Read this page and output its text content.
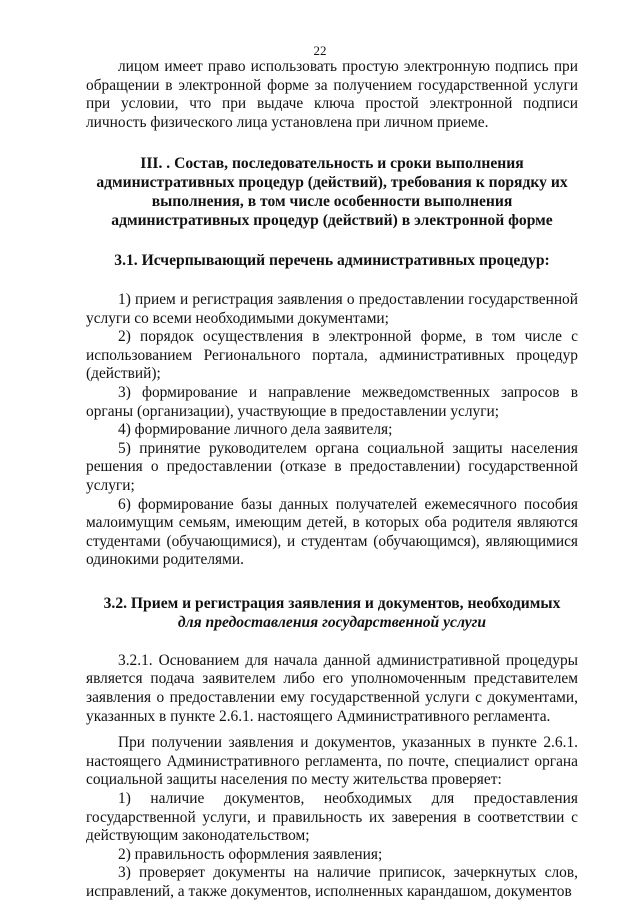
22

лицом имеет право использовать простую электронную подпись при обращении в электронной форме за получением государственной услуги при условии, что при выдаче ключа простой электронной подписи личность физического лица установлена при личном приеме.

III. . Состав, последовательность и сроки выполнения административных процедур (действий), требования к порядку их выполнения, в том числе особенности выполнения административных процедур (действий) в электронной форме

3.1. Исчерпывающий перечень административных процедур:

1) прием и регистрация заявления о предоставлении государственной услуги со всеми необходимыми документами;

2) порядок осуществления в электронной форме, в том числе с использованием Регионального портала, административных процедур (действий);

3) формирование и направление межведомственных запросов в органы (организации), участвующие в предоставлении услуги;

4) формирование личного дела заявителя;

5) принятие руководителем органа социальной защиты населения решения о предоставлении (отказе в предоставлении) государственной услуги;

6) формирование базы данных получателей ежемесячного пособия малоимущим семьям, имеющим детей, в которых оба родителя являются студентами (обучающимися), и студентам (обучающимся), являющимися одинокими родителями.

3.2. Прием и регистрация заявления и документов, необходимых
для предоставления государственной услуги

3.2.1. Основанием для начала данной административной процедуры является подача заявителем либо его уполномоченным представителем заявления о предоставлении ему государственной услуги с документами, указанных в пункте 2.6.1. настоящего Административного регламента.

При получении заявления и документов, указанных в пункте 2.6.1. настоящего Административного регламента, по почте, специалист органа социальной защиты населения по месту жительства проверяет:

1) наличие документов, необходимых для предоставления государственной услуги, и правильность их заверения в соответствии с действующим законодательством;

2) правильность оформления заявления;

3) проверяет документы на наличие приписок, зачеркнутых слов, исправлений, а также документов, исполненных карандашом, документов
